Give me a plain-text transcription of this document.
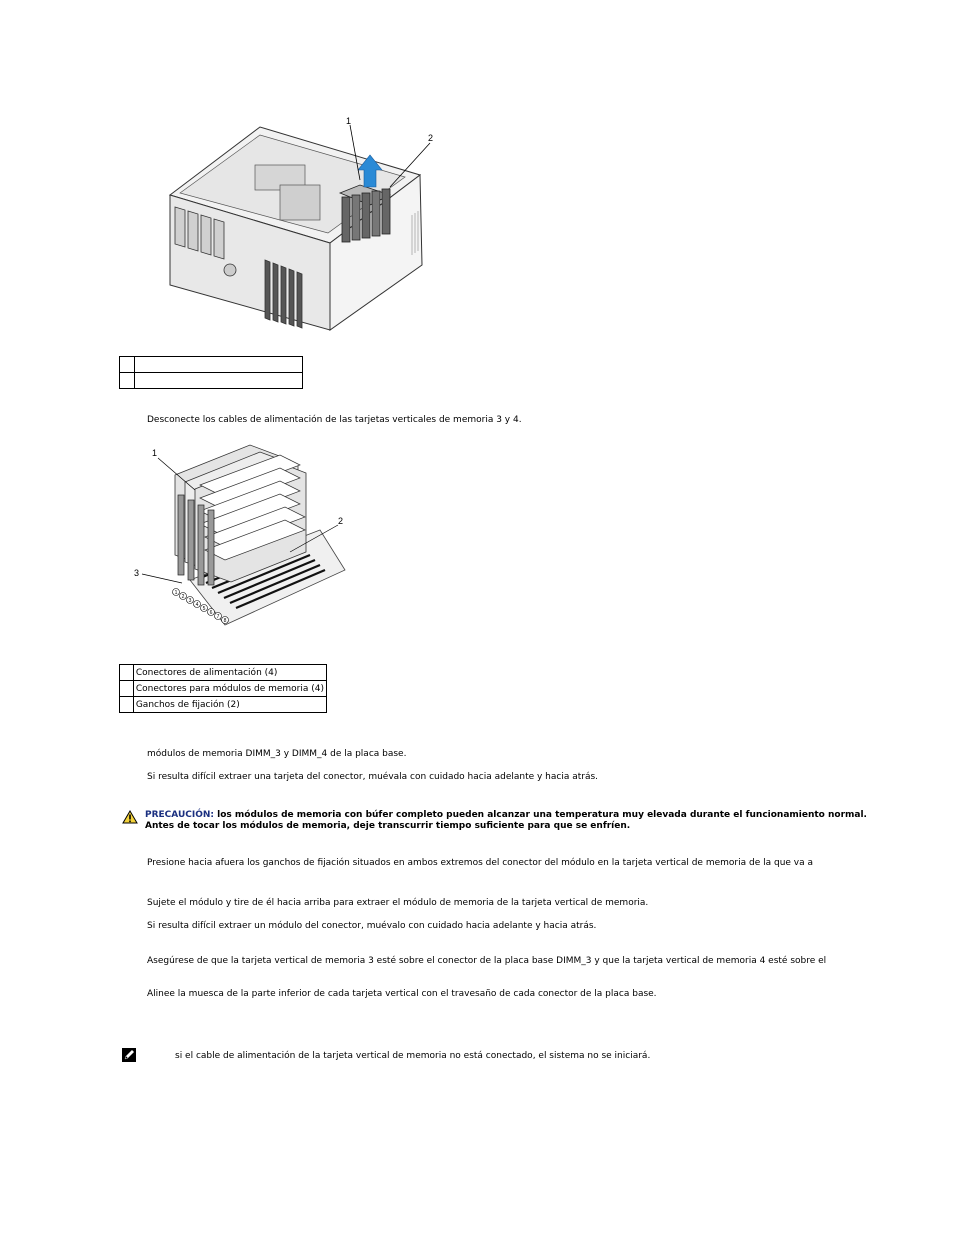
1
2

Desconecte los cables de alimentación de las tarjetas verticales de memoria 3 y 4.
1
2
3
4
5
6
7
8
1
2
3
	Conectores de alimentación (4)
	Conectores para módulos de memoria (4)
	Ganchos de fijación (2)
módulos de memoria DIMM_3 y DIMM_4 de la placa base.
Si resulta difícil extraer una tarjeta del conector, muévala con cuidado hacia adelante y hacia atrás.
PRECAUCIÓN: los módulos de memoria con búfer completo pueden alcanzar una temperatura muy elevada durante el funcionamiento normal.
Antes de tocar los módulos de memoria, deje transcurrir tiempo suficiente para que se enfríen.
Presione hacia afuera los ganchos de fijación situados en ambos extremos del conector del módulo en la tarjeta vertical de memoria de la que va a
Sujete el módulo y tire de él hacia arriba para extraer el módulo de memoria de la tarjeta vertical de memoria.
Si resulta difícil extraer un módulo del conector, muévalo con cuidado hacia adelante y hacia atrás.
Asegúrese de que la tarjeta vertical de memoria 3 esté sobre el conector de la placa base DIMM_3 y que la tarjeta vertical de memoria 4 esté sobre el
Alinee la muesca de la parte inferior de cada tarjeta vertical con el travesaño de cada conector de la placa base.
si el cable de alimentación de la tarjeta vertical de memoria no está conectado, el sistema no se iniciará.
